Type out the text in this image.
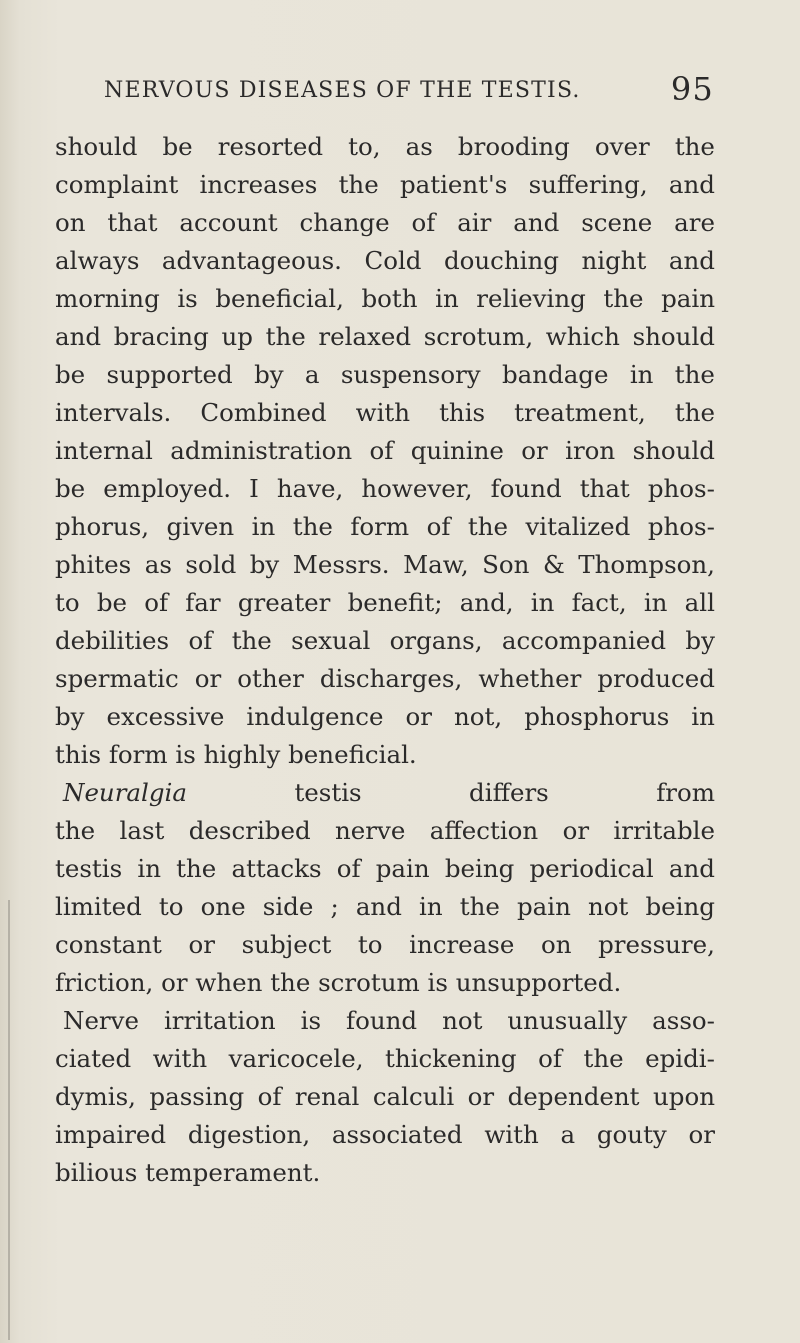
NERVOUS DISEASES OF THE TESTIS.	95
should be resorted to, as brooding over the
complaint increases the patient's suffering, and
on that account change of air and scene are
always advantageous. Cold douching night and
morning is beneficial, both in relieving the pain
and bracing up the relaxed scrotum, which should
be supported by a suspensory bandage in the
intervals. Combined with this treatment, the
internal administration of quinine or iron should
be employed. I have, however, found that phos-
phorus, given in the form of the vitalized phos-
phites as sold by Messrs. Maw, Son & Thompson,
to be of far greater benefit; and, in fact, in all
debilities of the sexual organs, accompanied by
spermatic or other discharges, whether produced
by excessive indulgence or not, phosphorus in
this form is highly beneficial.
Neuralgia	testis	differs	from
the last described nerve affection or irritable
testis in the attacks of pain being periodical and
limited to one side ; and in the pain not being
constant or subject to increase on pressure,
friction, or when the scrotum is unsupported.
Nerve irritation is found not unusually asso-
ciated with varicocele, thickening of the epidi-
dymis, passing of renal calculi or dependent upon
impaired digestion, associated with a gouty or
bilious temperament.
